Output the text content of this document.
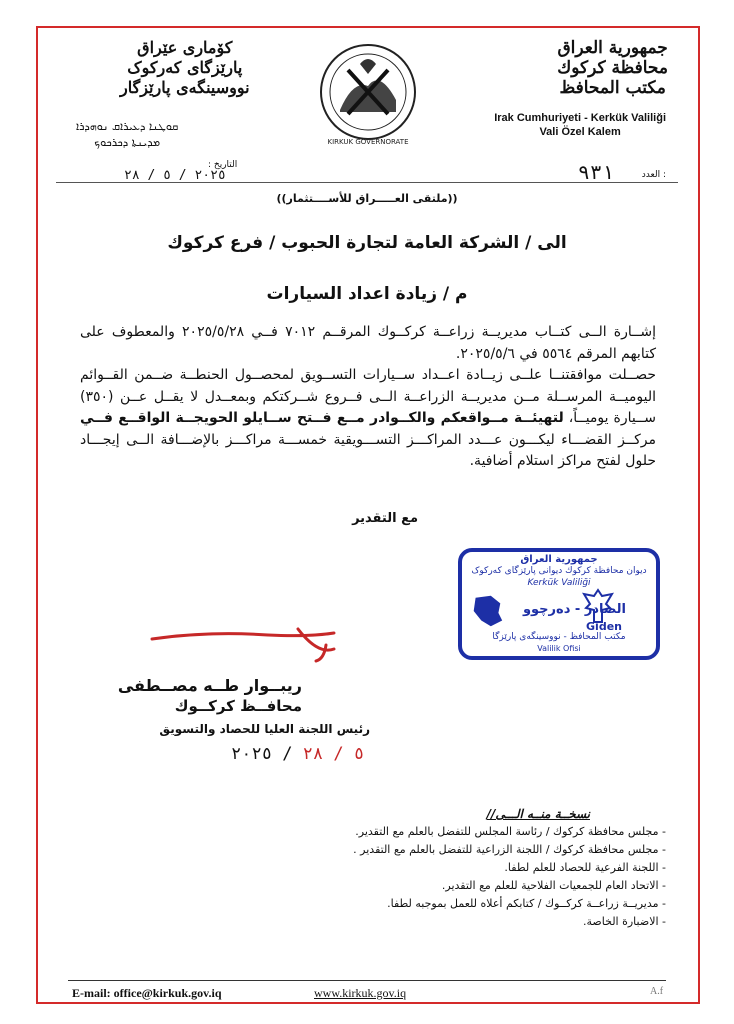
جمهورية العراق
محافظة كركوك
مكتب المحافظ
Irak Cumhuriyeti - Kerkük Valiliği
Vali Özel Kalem
کۆماری عێراق
پارێزگای کەرکوک
نووسینگەی پارێزگار
ܩܘܛܢܐ ܕܥܝܪܐܩ ܢܘܗܕܪܐ
ܡܕܝܢܬܐ ܕܟܪܟܘܟ	KIRKUK GOVERNORATE
العدد :
٩٣١
التاريخ :
٢٠٢٥ / ٥ / ٢٨
((ملتقى العـــــراق للأســــتثمار))
الى / الشركة العامة لتجارة الحبوب / فرع كركوك
م / زيادة اعداد السيارات

إشــارة الــى كتــاب مديريــة زراعــة كركــوك المرقــم ٧٠١٢ فــي ٢٠٢٥/٥/٢٨ والمعطوف على كتابهم المرقم ٥٥٦٤ في ٢٠٢٥/٥/٦.

حصــلت موافقتنــا علــى زيــادة اعــداد ســيارات التســويق لمحصــول الحنطــة ضــمن القــوائم اليوميــة المرســلة مــن مديريــة الزراعــة الــى فــروع شــركتكم وبمعــدل لا يقــل عــن (٣٥٠) ســيارة يوميــاً، لتهيئــة مــواقعكم والكــوادر مــع فــتح ســايلو الحويجــة الواقــع فــي مركــز القضـــاء ليكـــون عـــدد المراكـــز التســـويقية خمســـة مراكـــز بالإضـــافة الــى إيجـــاد حلول لفتح مراكز استلام أضافية.

مع التقدير
جمهورية العراق
ديوان محافظة كركوك ديوانى پارێزگای کەرکوک
Kerkük Valiliği
الصادر - دەرچوو
Giden
مكتب المحافظ - نووسینگەی پارێزگا
Valilik Ofisi
ريبــوار طــه مصــطفى
محافــظ كركــوك
رئيس اللجنة العليا للحصاد والتسويق
٢٠٢٥ / ٥ / ٢٨
نسخــة منــه الـــى//
- مجلس محافظة كركوك / رئاسة المجلس للتفضل بالعلم مع التقدير.
- مجلس محافظة كركوك / اللجنة الزراعية للتفضل بالعلم مع التقدير .
- اللجنة الفرعية للحصاد للعلم لطفا.
- الاتحاد العام للجمعيات الفلاحية للعلم مع التقدير.
- مديريــة زراعــة كركــوك / كتابكم أعلاه للعمل بموجبه لطفا.
- الاضبارة الخاصة.
E-mail: office@kirkuk.gov.iq	www.kirkuk.gov.iq	A.f
